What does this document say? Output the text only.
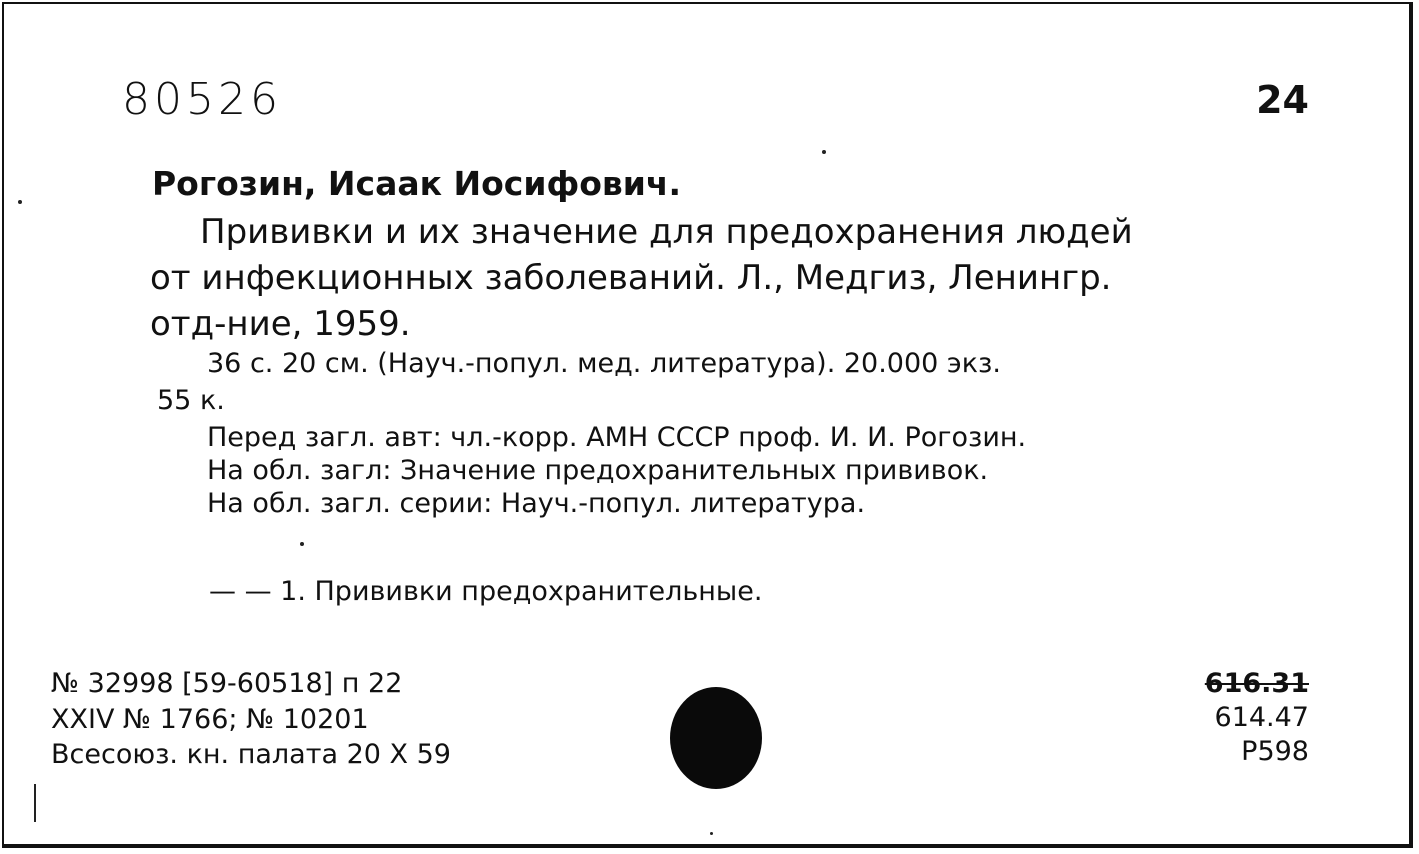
80526	24
Рогозин, Исаак Иосифович.
Прививки и их значение для предохранения людей
от инфекционных заболеваний. Л., Медгиз, Ленингр.
отд-ние, 1959.
36 с. 20 см. (Науч.-попул. мед. литература). 20.000 экз.
55 к.
Перед загл. авт: чл.-корр. АМН СССР проф. И. И. Рогозин.
На обл. загл: Значение предохранительных прививок.
На обл. загл. серии: Науч.-попул. литература.
— — 1. Прививки предохранительные.
№ 32998 [59-60518] п 22
XXIV № 1766; № 10201
Всесоюз. кн. палата 20 X 59
616.31
614.47
Р598
